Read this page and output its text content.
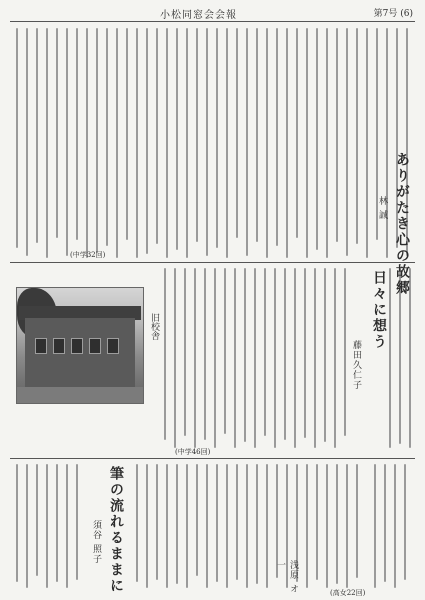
小松同窓会会報	第7号 (6)
(中学32回)
旧校舎	日々に想う
藤田久仁子
(中学46回)
筆の流れるままに
須谷 照子
浅原 オ一
(高女22回)
ありがたき心の故郷
林 誠
